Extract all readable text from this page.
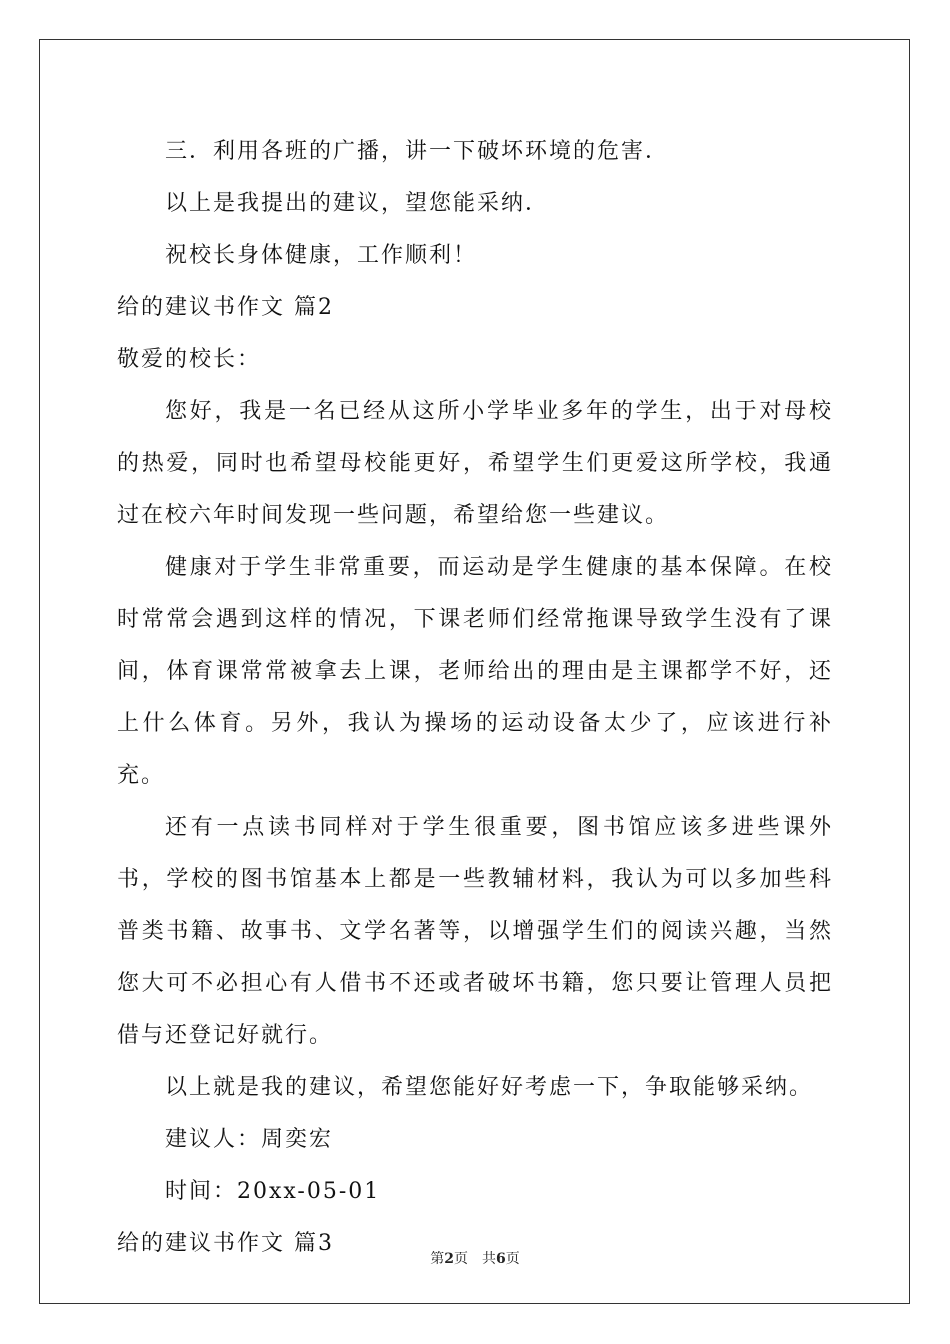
三．利用各班的广播，讲一下破坏环境的危害．

以上是我提出的建议，望您能采纳．

祝校长身体健康，工作顺利！

给的建议书作文 篇2

敬爱的校长：

您好，我是一名已经从这所小学毕业多年的学生，出于对母校的热爱，同时也希望母校能更好，希望学生们更爱这所学校，我通过在校六年时间发现一些问题，希望给您一些建议。

健康对于学生非常重要，而运动是学生健康的基本保障。在校时常常会遇到这样的情况，下课老师们经常拖课导致学生没有了课间，体育课常常被拿去上课，老师给出的理由是主课都学不好，还上什么体育。另外，我认为操场的运动设备太少了，应该进行补充。

还有一点读书同样对于学生很重要，图书馆应该多进些课外书，学校的图书馆基本上都是一些教辅材料，我认为可以多加些科普类书籍、故事书、文学名著等，以增强学生们的阅读兴趣，当然您大可不必担心有人借书不还或者破坏书籍，您只要让管理人员把借与还登记好就行。

以上就是我的建议，希望您能好好考虑一下，争取能够采纳。

建议人：周奕宏

时间：20xx-05-01

给的建议书作文 篇3

第2页　共6页
